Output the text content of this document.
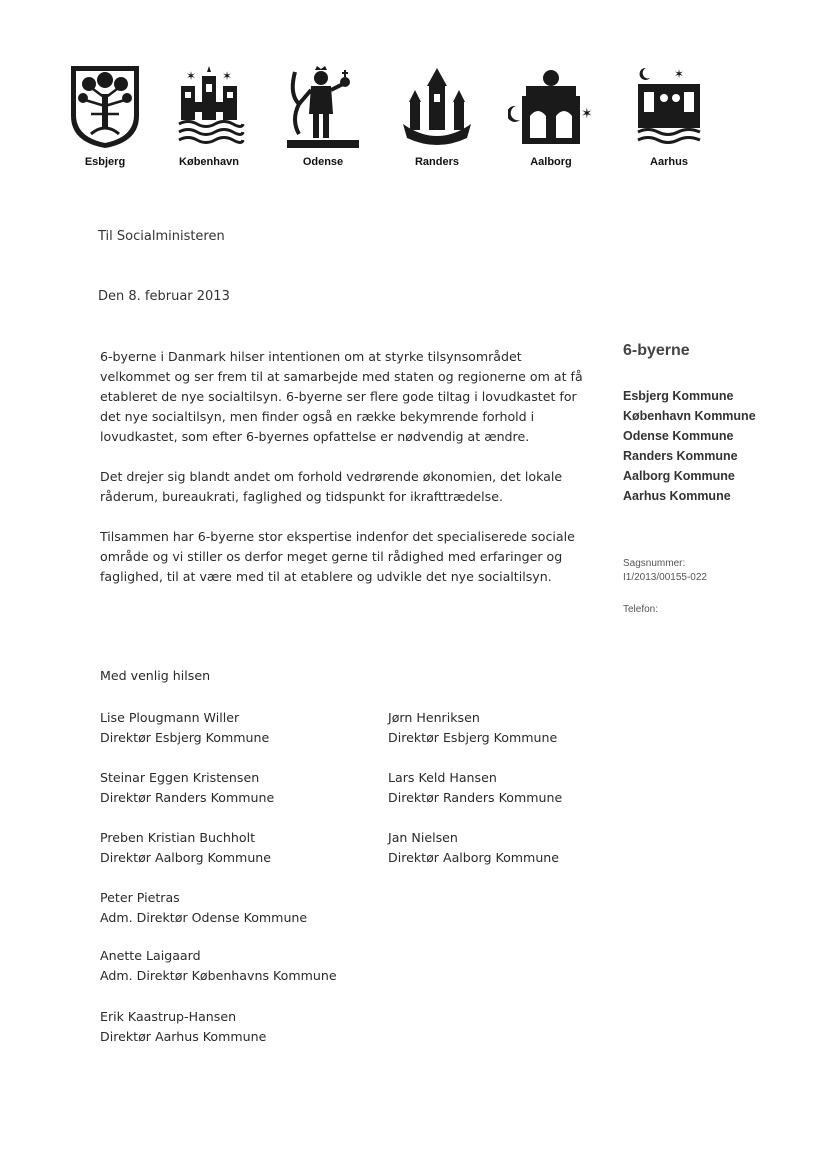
Esbjerg
✶ ✶
København	Odense	Randers
✶
Aalborg
✶
Aarhus
Til Socialministeren
Den 8. februar 2013

6-byerne i Danmark hilser intentionen om at styrke tilsynsområdet velkommet og ser frem til at samarbejde med staten og regionerne om at få etableret de nye socialtilsyn. 6-byerne ser flere gode tiltag i lovudkastet for det nye socialtilsyn, men finder også en række bekymrende forhold i lovudkastet, som efter 6-byernes opfattelse er nødvendig at ændre.

Det drejer sig blandt andet om forhold vedrørende økonomien, det lokale råderum, bureaukrati, faglighed og tidspunkt for ikrafttrædelse.

Tilsammen har 6-byerne stor ekspertise indenfor det specialiserede sociale område og vi stiller os derfor meget gerne til rådighed med erfaringer og faglighed, til at være med til at etablere og udvikle det nye socialtilsyn.

Med venlig hilsen
Lise Plougmann Willer
Direktør Esbjerg Kommune
Jørn Henriksen
Direktør Esbjerg Kommune
Steinar Eggen Kristensen
Direktør Randers Kommune
Lars Keld Hansen
Direktør Randers Kommune
Preben Kristian Buchholt
Direktør Aalborg Kommune
Jan Nielsen
Direktør Aalborg Kommune
Peter Pietras
Adm. Direktør Odense Kommune
Anette Laigaard
Adm. Direktør Københavns Kommune
Erik Kaastrup-Hansen
Direktør Aarhus Kommune
6-byerne
Esbjerg Kommune
København Kommune
Odense Kommune
Randers Kommune
Aalborg Kommune
Aarhus Kommune
Sagsnummer:
I1/2013/00155-022
Telefon:
